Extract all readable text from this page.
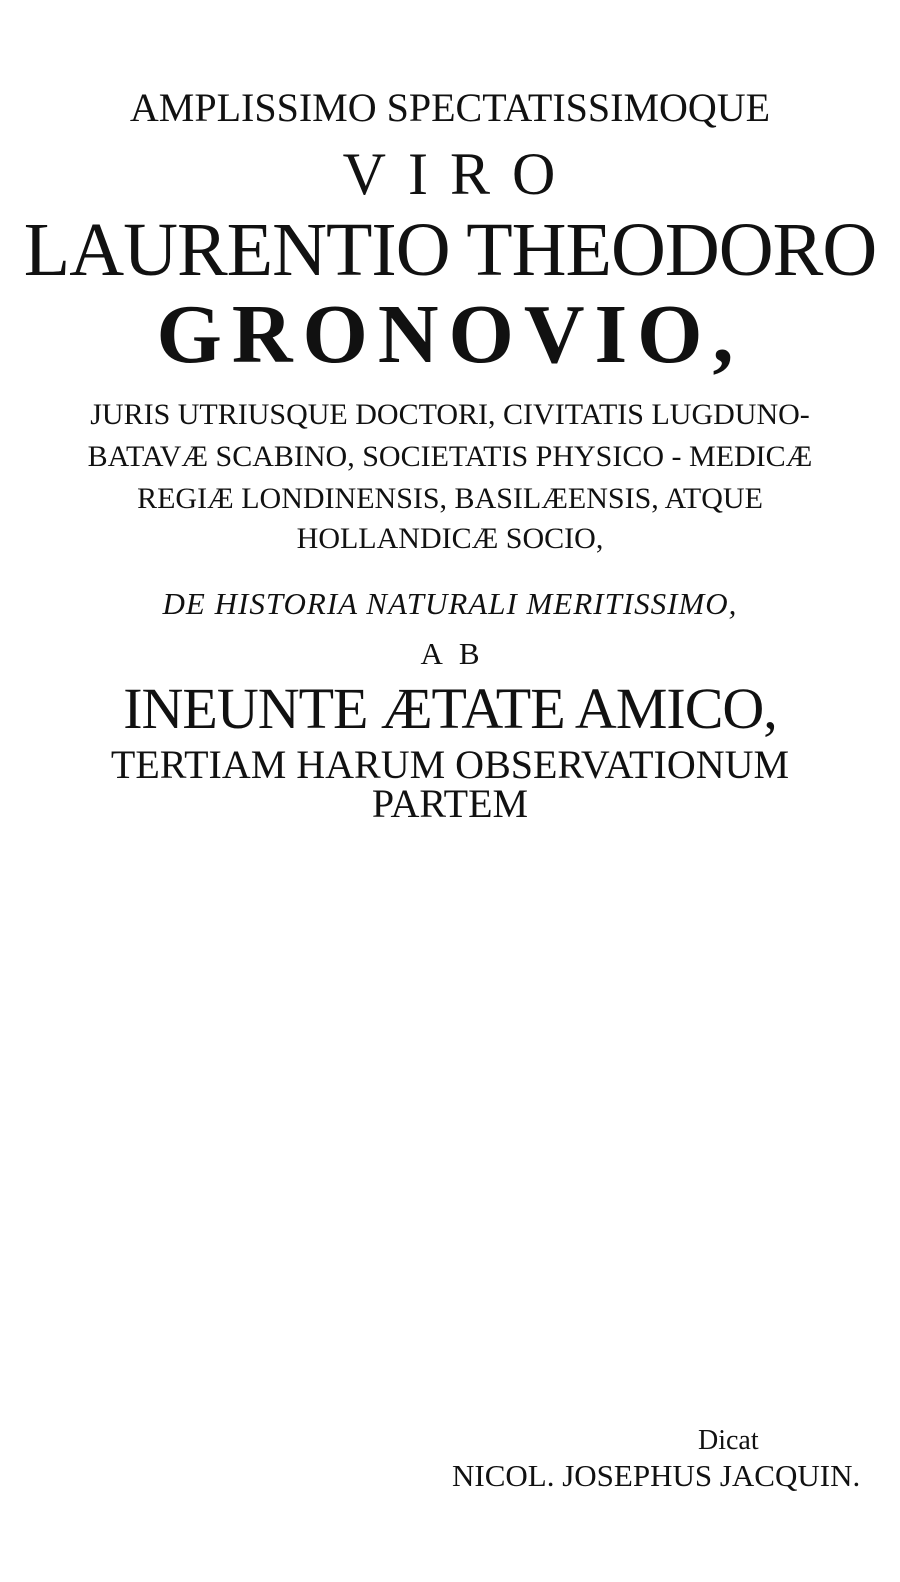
AMPLISSIMO SPECTATISSIMOQUE
VIRO
LAURENTIO THEODORO
GRONOVIO,
JURIS UTRIUSQUE DOCTORI, CIVITATIS LUGDUNO-
BATAVÆ SCABINO, SOCIETATIS PHYSICO - MEDICÆ
REGIÆ LONDINENSIS, BASILÆENSIS, ATQUE
HOLLANDICÆ SOCIO,
DE HISTORIA NATURALI MERITISSIMO,
AB
INEUNTE ÆTATE AMICO,
TERTIAM HARUM OBSERVATIONUM
PARTEM
Dicat
NICOL. JOSEPHUS JACQUIN.
